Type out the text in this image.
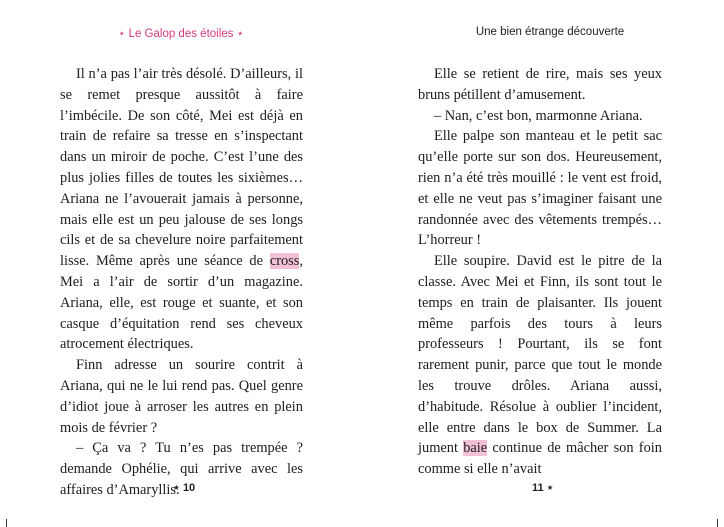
⋆ Le Galop des étoiles ⋆

Il n’a pas l’air très désolé. D’ailleurs, il se remet presque aussitôt à faire l’imbécile. De son côté, Mei est déjà en train de refaire sa tresse en s’inspectant dans un miroir de poche. C’est l’une des plus jolies filles de toutes les sixièmes… Ariana ne l’avouerait jamais à personne, mais elle est un peu jalouse de ses longs cils et de sa chevelure noire parfaitement lisse. Même après une séance de cross, Mei a l’air de sortir d’un magazine. Ariana, elle, est rouge et suante, et son casque d’équitation rend ses cheveux atrocement électriques.

Finn adresse un sourire contrit à Ariana, qui ne le lui rend pas. Quel genre d’idiot joue à arroser les autres en plein mois de février ?

– Ça va ? Tu n’es pas trempée ? demande Ophélie, qui arrive avec les affaires d’Amaryllis.

⋆ 10
Une bien étrange découverte

Elle se retient de rire, mais ses yeux bruns pétillent d’amusement.

– Nan, c’est bon, marmonne Ariana.

Elle palpe son manteau et le petit sac qu’elle porte sur son dos. Heureusement, rien n’a été très mouillé : le vent est froid, et elle ne veut pas s’imaginer faisant une randonnée avec des vêtements trempés… L’horreur !

Elle soupire. David est le pitre de la classe. Avec Mei et Finn, ils sont tout le temps en train de plaisanter. Ils jouent même parfois des tours à leurs professeurs ! Pourtant, ils se font rarement punir, parce que tout le monde les trouve drôles. Ariana aussi, d’habitude. Résolue à oublier l’incident, elle entre dans le box de Summer. La jument baie continue de mâcher son foin comme si elle n’avait

11 ⋆
